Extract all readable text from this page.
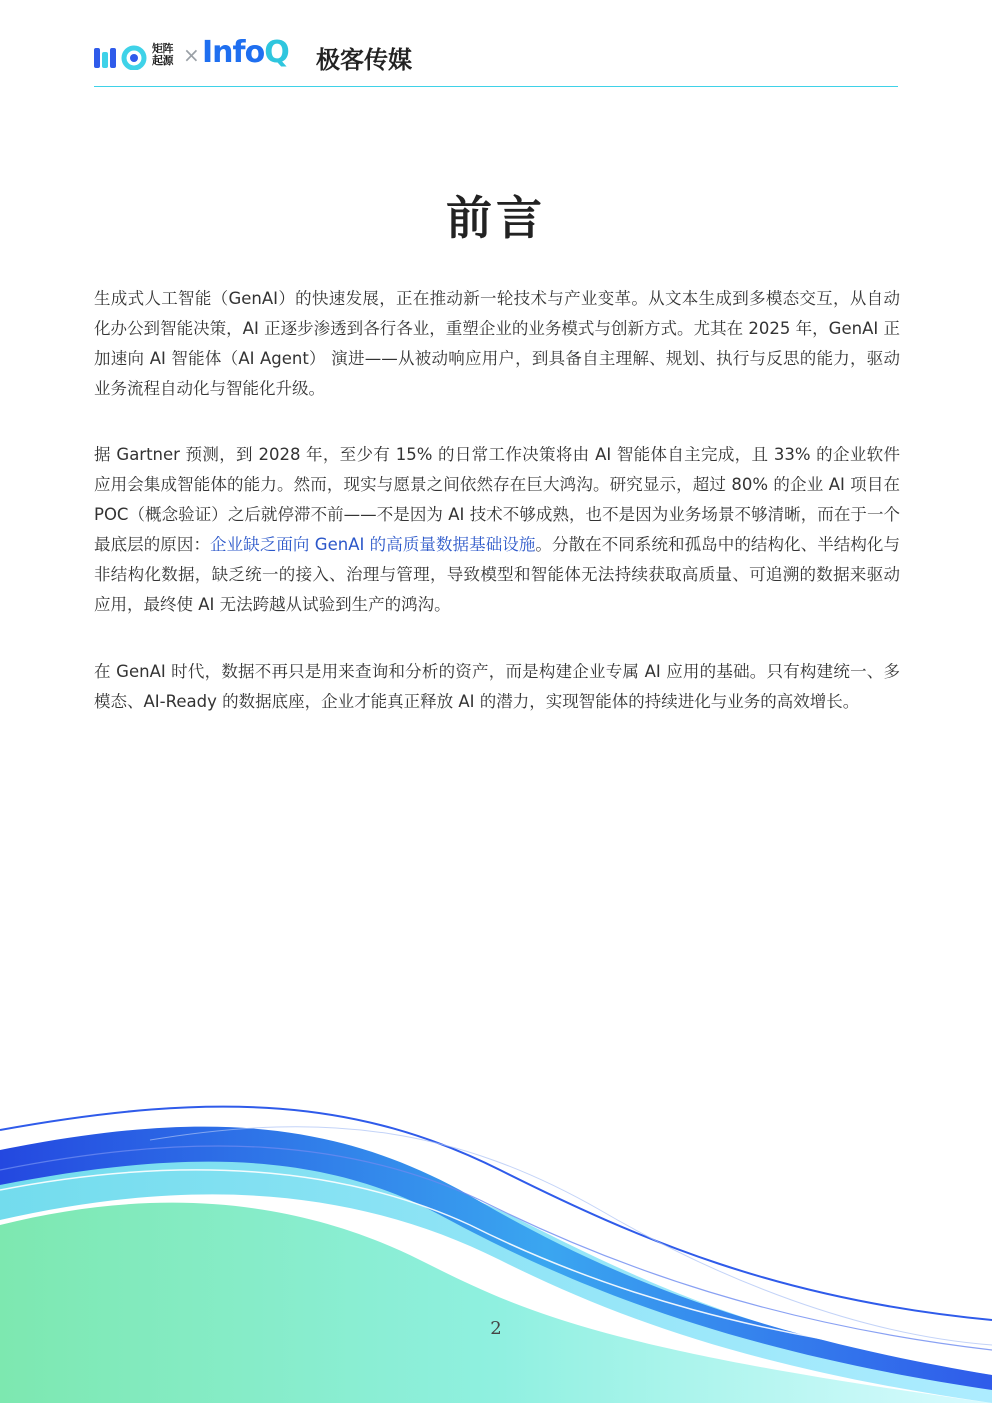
矩阵起源 × InfoQ 极客传媒
前言

生成式人工智能（GenAI）的快速发展，正在推动新一轮技术与产业变革。从文本生成到多模态交互，从自动化办公到智能决策，AI 正逐步渗透到各行各业，重塑企业的业务模式与创新方式。尤其在 2025 年，GenAI 正加速向 AI 智能体（AI Agent） 演进——从被动响应用户，到具备自主理解、规划、执行与反思的能力，驱动业务流程自动化与智能化升级。

据 Gartner 预测，到 2028 年，至少有 15% 的日常工作决策将由 AI 智能体自主完成，且 33% 的企业软件应用会集成智能体的能力。然而，现实与愿景之间依然存在巨大鸿沟。研究显示，超过 80% 的企业 AI 项目在 POC（概念验证）之后就停滞不前——不是因为 AI 技术不够成熟，也不是因为业务场景不够清晰，而在于一个最底层的原因：企业缺乏面向 GenAI 的高质量数据基础设施。分散在不同系统和孤岛中的结构化、半结构化与非结构化数据，缺乏统一的接入、治理与管理，导致模型和智能体无法持续获取高质量、可追溯的数据来驱动应用，最终使 AI 无法跨越从试验到生产的鸿沟。

在 GenAI 时代，数据不再只是用来查询和分析的资产，而是构建企业专属 AI 应用的基础。只有构建统一、多模态、AI-Ready 的数据底座，企业才能真正释放 AI 的潜力，实现智能体的持续进化与业务的高效增长。

2
